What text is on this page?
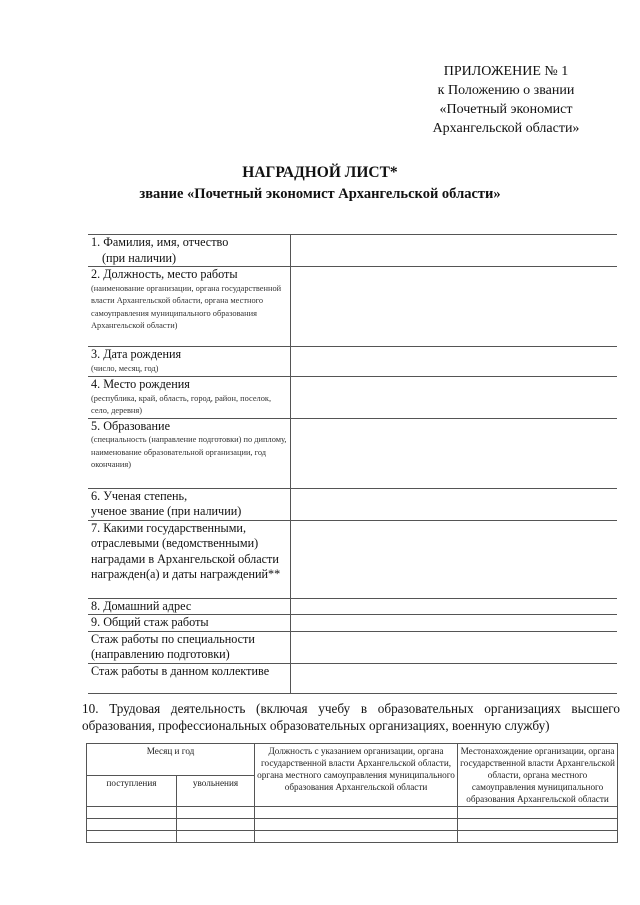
ПРИЛОЖЕНИЕ № 1
к Положению о звании
«Почетный экономист
Архангельской области»
НАГРАДНОЙ ЛИСТ*
звание «Почетный экономист Архангельской области»
1. Фамилия, имя, отчество
(при наличии)	

2. Должность, место работы
(наименование организации, органа государственной власти Архангельской области, органа местного самоуправления муниципального образования Архангельской области)	

3. Дата рождения
(число, месяц, год)	

4. Место рождения
(республика, край, область, город, район, поселок, село, деревня)	

5. Образование
(специальность (направление подготовки) по диплому, наименование образовательной организации, год окончания)	

6. Ученая степень,
ученое звание (при наличии)	

7. Какими государственными, отраслевыми (ведомственными) наградами в Архангельской области награжден(а) и даты награждений**	

8. Домашний адрес	

9. Общий стаж работы	

Стаж работы по специальности (направлению подготовки)	

Стаж работы в данном коллективе	

10. Трудовая деятельность (включая учебу в образовательных организациях высшего образования, профессиональных образовательных организациях, военную службу)
Месяц и год		Должность с указанием организации, органа государственной власти Архангельской области, органа местного самоуправления муниципального образования Архангельской области	Местонахождение организации, органа государственной власти Архангельской области, органа местного самоуправления муниципального образования Архангельской области
поступления	увольнения		
